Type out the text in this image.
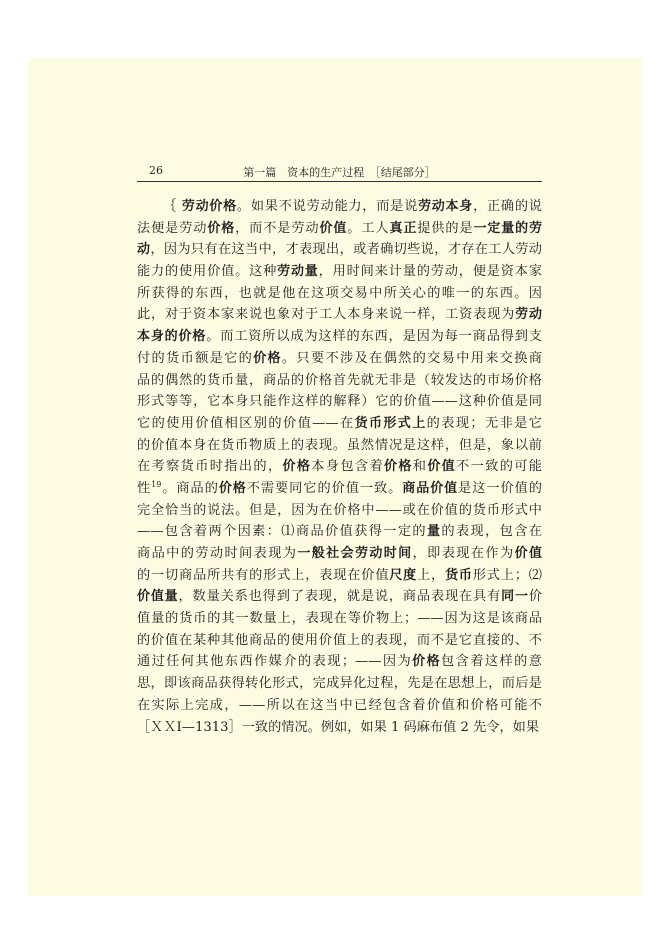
26	第一篇　资本的生产过程　［结尾部分］
｛ 劳动价格。如果不说劳动能力，而是说劳动本身，正确的说
法便是劳动价格，而不是劳动价值。工人真正提供的是一定量的劳
动，因为只有在这当中，才表现出，或者确切些说，才存在工人劳动
能力的使用价值。这种劳动量，用时间来计量的劳动，便是资本家
所获得的东西，也就是他在这项交易中所关心的唯一的东西。因
此，对于资本家来说也象对于工人本身来说一样，工资表现为劳动
本身的价格。而工资所以成为这样的东西，是因为每一商品得到支
付的货币额是它的价格。只要不涉及在偶然的交易中用来交换商
品的偶然的货币量，商品的价格首先就无非是（较发达的市场价格
形式等等，它本身只能作这样的解释）它的价值——这种价值是同
它的使用价值相区别的价值——在货币形式上的表现；无非是它
的价值本身在货币物质上的表现。虽然情况是这样，但是，象以前
在考察货币时指出的，价格本身包含着价格和价值不一致的可能
性$^{19}$。商品的价格不需要同它的价值一致。商品价值是这一价值的
完全恰当的说法。但是，因为在价格中——或在价值的货币形式中
——包含着两个因素：⑴商品价值获得一定的量的表现，包含在
商品中的劳动时间表现为一般社会劳动时间，即表现在作为价值
的一切商品所共有的形式上，表现在价值尺度上，货币形式上；⑵
价值量，数量关系也得到了表现，就是说，商品表现在具有同一价
值量的货币的其一数量上，表现在等价物上；——因为这是该商品
的价值在某种其他商品的使用价值上的表现，而不是它直接的、不
通过任何其他东西作媒介的表现；——因为价格包含着这样的意
思，即该商品获得转化形式，完成异化过程，先是在思想上，而后是
在实际上完成，——所以在这当中已经包含着价值和价格可能不
［ＸＸⅠ—1313］一致的情况。例如，如果 1 码麻布值 2 先令，如果
